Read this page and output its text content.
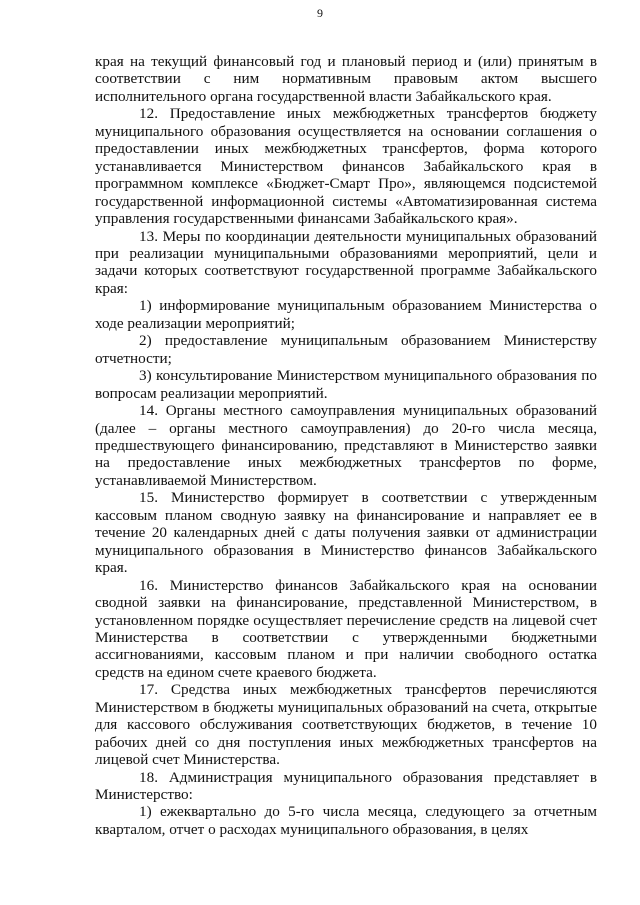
9

края на текущий финансовый год и плановый период и (или) принятым в соответствии с ним нормативным правовым актом высшего исполнительного органа государственной власти Забайкальского края.

12. Предоставление иных межбюджетных трансфертов бюджету муниципального образования осуществляется на основании соглашения о предоставлении иных межбюджетных трансфертов, форма которого устанавливается Министерством финансов Забайкальского края в программном комплексе «Бюджет-Смарт Про», являющемся подсистемой государственной информационной системы «Автоматизированная система управления государственными финансами Забайкальского края».

13. Меры по координации деятельности муниципальных образований при реализации муниципальными образованиями мероприятий, цели и задачи которых соответствуют государственной программе Забайкальского края:

1) информирование муниципальным образованием Министерства о ходе реализации мероприятий;

2) предоставление муниципальным образованием Министерству отчетности;

3) консультирование Министерством муниципального образования по вопросам реализации мероприятий.

14. Органы местного самоуправления муниципальных образований (далее – органы местного самоуправления) до 20-го числа месяца, предшествующего финансированию, представляют в Министерство заявки на предоставление иных межбюджетных трансфертов по форме, устанавливаемой Министерством.

15. Министерство формирует в соответствии с утвержденным кассовым планом сводную заявку на финансирование и направляет ее в течение 20 календарных дней с даты получения заявки от администрации муниципального образования в Министерство финансов Забайкальского края.

16. Министерство финансов Забайкальского края на основании сводной заявки на финансирование, представленной Министерством, в установленном порядке осуществляет перечисление средств на лицевой счет Министерства в соответствии с утвержденными бюджетными ассигнованиями, кассовым планом и при наличии свободного остатка средств на едином счете краевого бюджета.

17. Средства иных межбюджетных трансфертов перечисляются Министерством в бюджеты муниципальных образований на счета, открытые для кассового обслуживания соответствующих бюджетов, в течение 10 рабочих дней со дня поступления иных межбюджетных трансфертов на лицевой счет Министерства.

18. Администрация муниципального образования представляет в Министерство:

1) ежеквартально до 5-го числа месяца, следующего за отчетным кварталом, отчет о расходах муниципального образования, в целях
